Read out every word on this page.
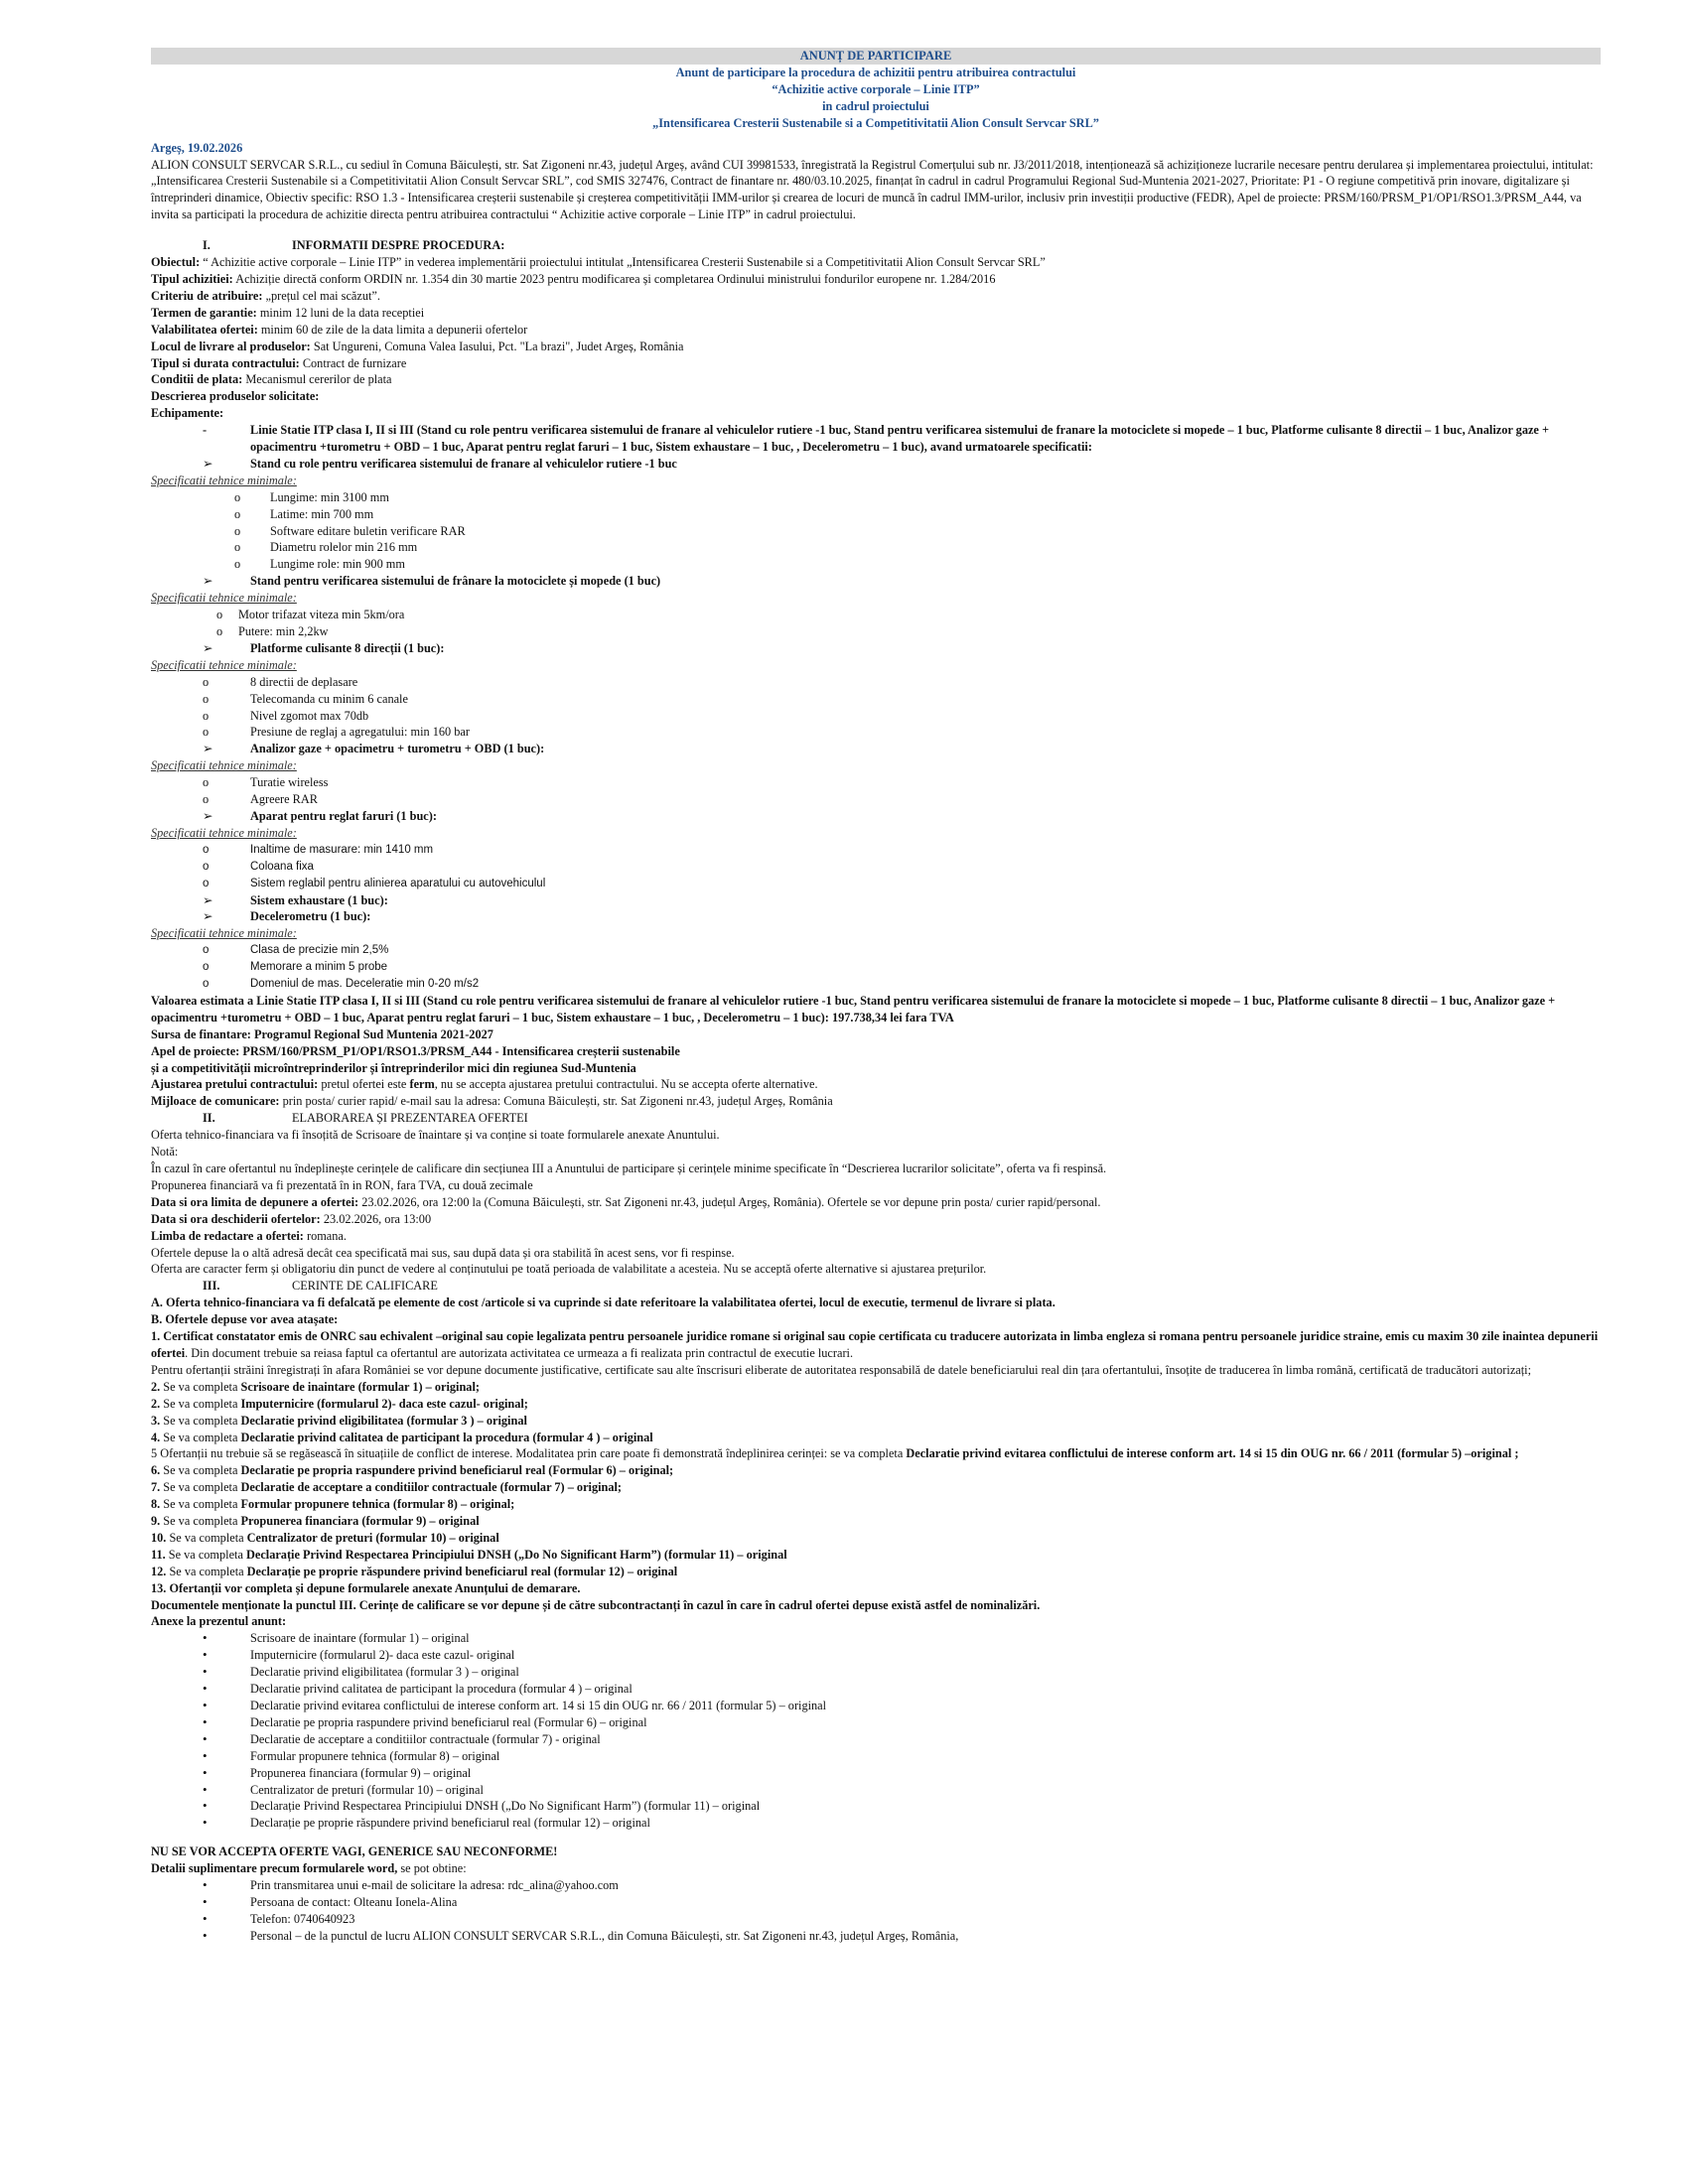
ANUNȚ DE PARTICIPARE
Anunt de participare la procedura de achizitii pentru atribuirea contractului
“Achizitie active corporale – Linie ITP”
in cadrul proiectului
„Intensificarea Cresterii Sustenabile si a Competitivitatii Alion Consult Servcar SRL”

Argeș, 19.02.2026

ALION CONSULT SERVCAR S.R.L., cu sediul în Comuna Băiculești, str. Sat Zigoneni nr.43, județul Argeș, având CUI 39981533, înregistrată la Registrul Comerțului sub nr. J3/2011/2018, intenționează să achiziționeze lucrarile necesare pentru derularea și implementarea proiectului, intitulat: „Intensificarea Cresterii Sustenabile si a Competitivitatii Alion Consult Servcar SRL”, cod SMIS 327476, Contract de finantare nr. 480/03.10.2025, finanțat în cadrul in cadrul Programului Regional Sud-Muntenia 2021-2027, Prioritate: P1 - O regiune competitivă prin inovare, digitalizare și întreprinderi dinamice, Obiectiv specific: RSO 1.3 - Intensificarea creșterii sustenabile și creșterea competitivității IMM-urilor și crearea de locuri de muncă în cadrul IMM-urilor, inclusiv prin investiții productive (FEDR), Apel de proiecte: PRSM/160/PRSM_P1/OP1/RSO1.3/PRSM_A44, va invita sa participati la procedura de achizitie directa pentru atribuirea contractului “ Achizitie active corporale – Linie ITP” in cadrul proiectului.

I.	INFORMATII DESPRE PROCEDURA:

Obiectul: “ Achizitie active corporale – Linie ITP” in vederea implementării proiectului intitulat „Intensificarea Cresterii Sustenabile si a Competitivitatii Alion Consult Servcar SRL”

Tipul achizitiei: Achiziție directă conform ORDIN nr. 1.354 din 30 martie 2023 pentru modificarea și completarea Ordinului ministrului fondurilor europene nr. 1.284/2016

Criteriu de atribuire: „prețul cel mai scăzut”.

Termen de garantie: minim 12 luni de la data receptiei

Valabilitatea ofertei: minim 60 de zile de la data limita a depunerii ofertelor

Locul de livrare al produselor: Sat Ungureni, Comuna Valea Iasului, Pct. "La brazi", Judet Argeș, România

Tipul si durata contractului: Contract de furnizare

Conditii de plata: Mecanismul cererilor de plata

Descrierea produselor solicitate:

Echipamente:

-	Linie Statie ITP clasa I, II si III (Stand cu role pentru verificarea sistemului de franare al vehiculelor rutiere -1 buc, Stand pentru verificarea sistemului de franare la motociclete si mopede – 1 buc, Platforme culisante 8 directii – 1 buc, Analizor gaze + opacimentru +turometru + OBD – 1 buc, Aparat pentru reglat faruri – 1 buc, Sistem exhaustare – 1 buc, , Decelerometru – 1 buc), avand urmatoarele specificatii:

➢	Stand cu role pentru verificarea sistemului de franare al vehiculelor rutiere -1 buc

Specificatii tehnice minimale:

o Lungime: min 3100 mm

o Latime: min 700 mm

o Software editare buletin verificare RAR

o Diametru rolelor min 216 mm

o Lungime role: min 900 mm

➢	Stand pentru verificarea sistemului de frânare la motociclete și mopede (1 buc)

Specificatii tehnice minimale:

o Motor trifazat viteza min 5km/ora

o Putere: min 2,2kw

➢	Platforme culisante 8 direcții (1 buc):

Specificatii tehnice minimale:

o	8 directii de deplasare

o	Telecomanda cu minim 6 canale

o	Nivel zgomot max 70db

o	Presiune de reglaj a agregatului: min 160 bar

➢	Analizor gaze + opacimetru + turometru + OBD (1 buc):

Specificatii tehnice minimale:

o	Turatie wireless

o	Agreere RAR

➢	Aparat pentru reglat faruri (1 buc):

Specificatii tehnice minimale:

o	Inaltime de masurare: min 1410 mm

o	Coloana fixa

o	Sistem reglabil pentru alinierea aparatului cu autovehiculul

➢	Sistem exhaustare (1 buc):

➢	Decelerometru (1 buc):

Specificatii tehnice minimale:

o	Clasa de precizie min 2,5%

o	Memorare a minim 5 probe

o	Domeniul de mas. Deceleratie min 0-20 m/s2

Valoarea estimata a Linie Statie ITP clasa I, II si III (Stand cu role pentru verificarea sistemului de franare al vehiculelor rutiere -1 buc, Stand pentru verificarea sistemului de franare la motociclete si mopede – 1 buc, Platforme culisante 8 directii – 1 buc, Analizor gaze + opacimentru +turometru + OBD – 1 buc, Aparat pentru reglat faruri – 1 buc, Sistem exhaustare – 1 buc, , Decelerometru – 1 buc): 197.738,34 lei fara TVA

Sursa de finantare: Programul Regional Sud Muntenia 2021-2027

Apel de proiecte: PRSM/160/PRSM_P1/OP1/RSO1.3/PRSM_A44 - Intensificarea creșterii sustenabile

și a competitivității microîntreprinderilor și întreprinderilor mici din regiunea Sud-Muntenia

Ajustarea pretului contractului: pretul ofertei este ferm, nu se accepta ajustarea pretului contractului. Nu se accepta oferte alternative.

Mijloace de comunicare: prin posta/ curier rapid/ e-mail sau la adresa: Comuna Băiculești, str. Sat Zigoneni nr.43, județul Argeș, România

II.	ELABORAREA ȘI PREZENTAREA OFERTEI

Oferta tehnico-financiara va fi însoțită de Scrisoare de înaintare și va conține si toate formularele anexate Anuntului.

Notă:

În cazul în care ofertantul nu îndeplinește cerințele de calificare din secțiunea III a Anuntului de participare și cerințele minime specificate în “Descrierea lucrarilor solicitate”, oferta va fi respinsă.

Propunerea financiară va fi prezentată în in RON, fara TVA, cu două zecimale

Data si ora limita de depunere a ofertei: 23.02.2026, ora 12:00 la (Comuna Băiculești, str. Sat Zigoneni nr.43, județul Argeș, România). Ofertele se vor depune prin posta/ curier rapid/personal.

Data si ora deschiderii ofertelor: 23.02.2026, ora 13:00

Limba de redactare a ofertei: romana.

Ofertele depuse la o altă adresă decât cea specificată mai sus, sau după data și ora stabilită în acest sens, vor fi respinse.

Oferta are caracter ferm și obligatoriu din punct de vedere al conținutului pe toată perioada de valabilitate a acesteia. Nu se acceptă oferte alternative si ajustarea prețurilor.

III.	CERINTE DE CALIFICARE

A. Oferta tehnico-financiara va fi defalcată pe elemente de cost /articole si va cuprinde si date referitoare la valabilitatea ofertei, locul de executie, termenul de livrare si plata.

B. Ofertele depuse vor avea atașate:

1. Certificat constatator emis de ONRC sau echivalent –original sau copie legalizata pentru persoanele juridice romane si original sau copie certificata cu traducere autorizata in limba engleza si romana pentru persoanele juridice straine, emis cu maxim 30 zile inaintea depunerii ofertei. Din document trebuie sa reiasa faptul ca ofertantul are autorizata activitatea ce urmeaza a fi realizata prin contractul de executie lucrari.

Pentru ofertanții străini înregistrați în afara României se vor depune documente justificative, certificate sau alte înscrisuri eliberate de autoritatea responsabilă de datele beneficiarului real din țara ofertantului, însoțite de traducerea în limba română, certificată de traducători autorizați;

2. Se va completa Scrisoare de inaintare (formular 1) – original;

2. Se va completa Imputernicire (formularul 2)- daca este cazul- original;

3. Se va completa Declaratie privind eligibilitatea (formular 3 ) – original

4. Se va completa Declaratie privind calitatea de participant la procedura (formular 4 ) – original

5 Ofertanții nu trebuie să se regăsească în situațiile de conflict de interese. Modalitatea prin care poate fi demonstrată îndeplinirea cerinței: se va completa Declaratie privind evitarea conflictului de interese conform art. 14 si 15 din OUG nr. 66 / 2011 (formular 5) –original ;

6. Se va completa Declaratie pe propria raspundere privind beneficiarul real (Formular 6) – original;

7. Se va completa Declaratie de acceptare a conditiilor contractuale (formular 7) – original;

8. Se va completa Formular propunere tehnica (formular 8) – original;

9. Se va completa Propunerea financiara (formular 9) – original

10. Se va completa Centralizator de preturi (formular 10) – original

11. Se va completa Declarație Privind Respectarea Principiului DNSH („Do No Significant Harm”) (formular 11) – original

12. Se va completa Declarație pe proprie răspundere privind beneficiarul real (formular 12) – original

13. Ofertanții vor completa și depune formularele anexate Anunțului de demarare.

Documentele menționate la punctul III. Cerințe de calificare se vor depune și de către subcontractanți în cazul în care în cadrul ofertei depuse există astfel de nominalizări.

Anexe la prezentul anunt:

•	Scrisoare de inaintare (formular 1) – original

•	Imputernicire (formularul 2)- daca este cazul- original

•	Declaratie privind eligibilitatea (formular 3 ) – original

•	Declaratie privind calitatea de participant la procedura (formular 4 ) – original

•	Declaratie privind evitarea conflictului de interese conform art. 14 si 15 din OUG nr. 66 / 2011 (formular 5) – original

•	Declaratie pe propria raspundere privind beneficiarul real (Formular 6) – original

•	Declaratie de acceptare a conditiilor contractuale (formular 7) - original

•	Formular propunere tehnica (formular 8) – original

•	Propunerea financiara (formular 9) – original

•	Centralizator de preturi (formular 10) – original

•	Declarație Privind Respectarea Principiului DNSH („Do No Significant Harm”) (formular 11) – original

•	Declarație pe proprie răspundere privind beneficiarul real (formular 12) – original

NU SE VOR ACCEPTA OFERTE VAGI, GENERICE SAU NECONFORME!

Detalii suplimentare precum formularele word, se pot obtine:

•	Prin transmitarea unui e-mail de solicitare la adresa: rdc_alina@yahoo.com

•	Persoana de contact: Olteanu Ionela-Alina

•	Telefon: 0740640923

•	Personal – de la punctul de lucru ALION CONSULT SERVCAR S.R.L., din Comuna Băiculești, str. Sat Zigoneni nr.43, județul Argeș, România,
